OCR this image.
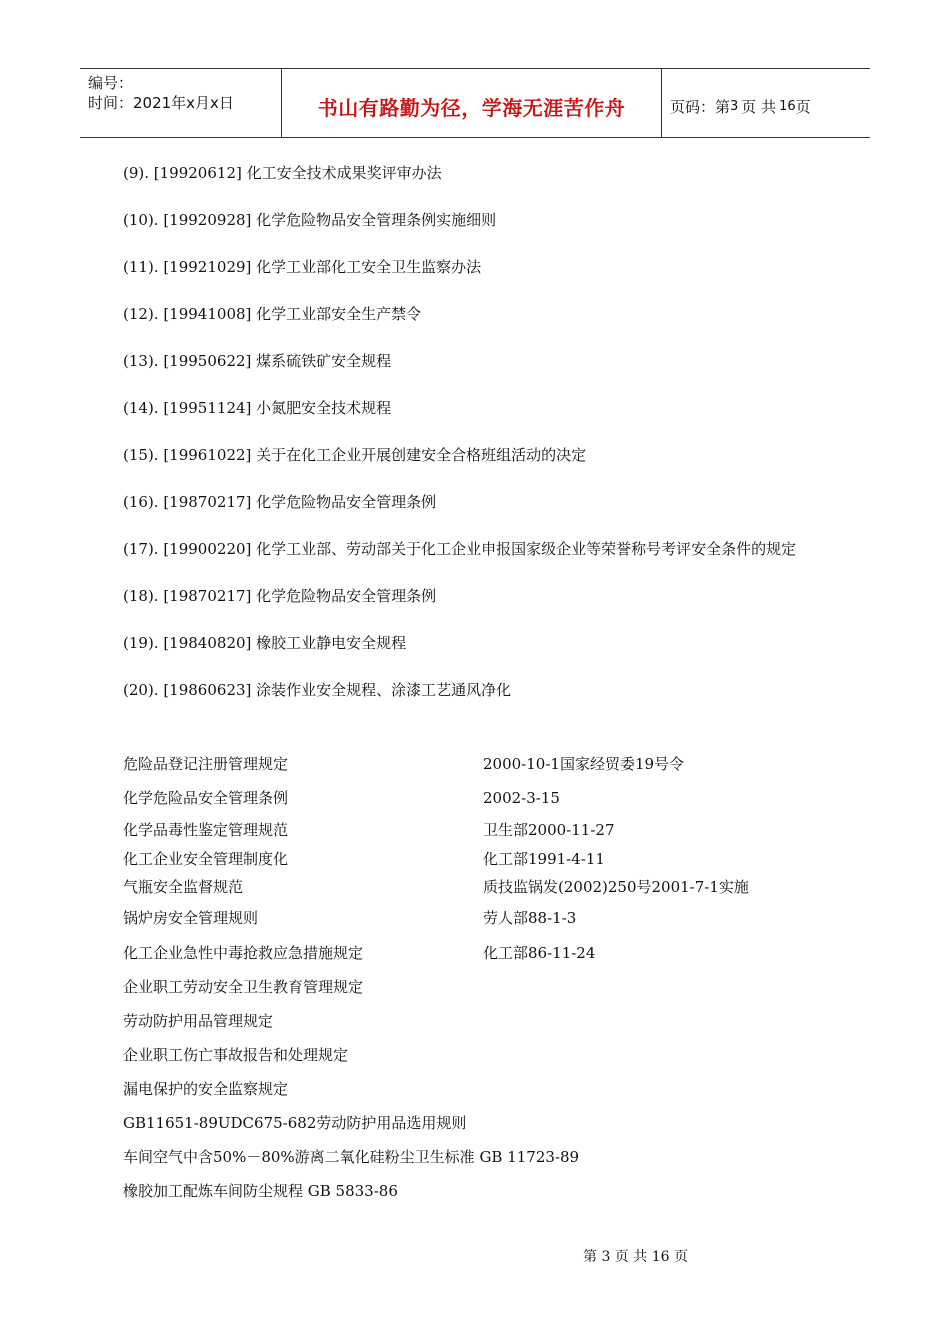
编号：
时间：2021年x月x日	书山有路勤为径，学海无涯苦作舟	页码：第 3 页 共 16 页
(9). [19920612] 化工安全技术成果奖评审办法
(10). [19920928] 化学危险物品安全管理条例实施细则
(11). [19921029] 化学工业部化工安全卫生监察办法
(12). [19941008] 化学工业部安全生产禁令
(13). [19950622] 煤系硫铁矿安全规程
(14). [19951124] 小氮肥安全技术规程
(15). [19961022] 关于在化工企业开展创建安全合格班组活动的决定
(16). [19870217] 化学危险物品安全管理条例
(17). [19900220] 化学工业部、劳动部关于化工企业申报国家级企业等荣誉称号考评安全条件的规定
(18). [19870217] 化学危险物品安全管理条例
(19). [19840820] 橡胶工业静电安全规程
(20). [19860623] 涂装作业安全规程、涂漆工艺通风净化
危险品登记注册管理规定	2000-10-1国家经贸委19号令
化学危险品安全管理条例	2002-3-15
化学品毒性鉴定管理规范	卫生部2000-11-27
化工企业安全管理制度化	化工部1991-4-11
气瓶安全监督规范	质技监锅发(2002)250号2001-7-1实施
锅炉房安全管理规则	劳人部88-1-3
化工企业急性中毒抢救应急措施规定	化工部86-11-24
企业职工劳动安全卫生教育管理规定
劳动防护用品管理规定
企业职工伤亡事故报告和处理规定
漏电保护的安全监察规定
GB11651-89UDC675-682劳动防护用品选用规则
车间空气中含50%－80%游离二氧化硅粉尘卫生标准 GB 11723-89
橡胶加工配炼车间防尘规程 GB 5833-86
第 3 页 共 16 页
